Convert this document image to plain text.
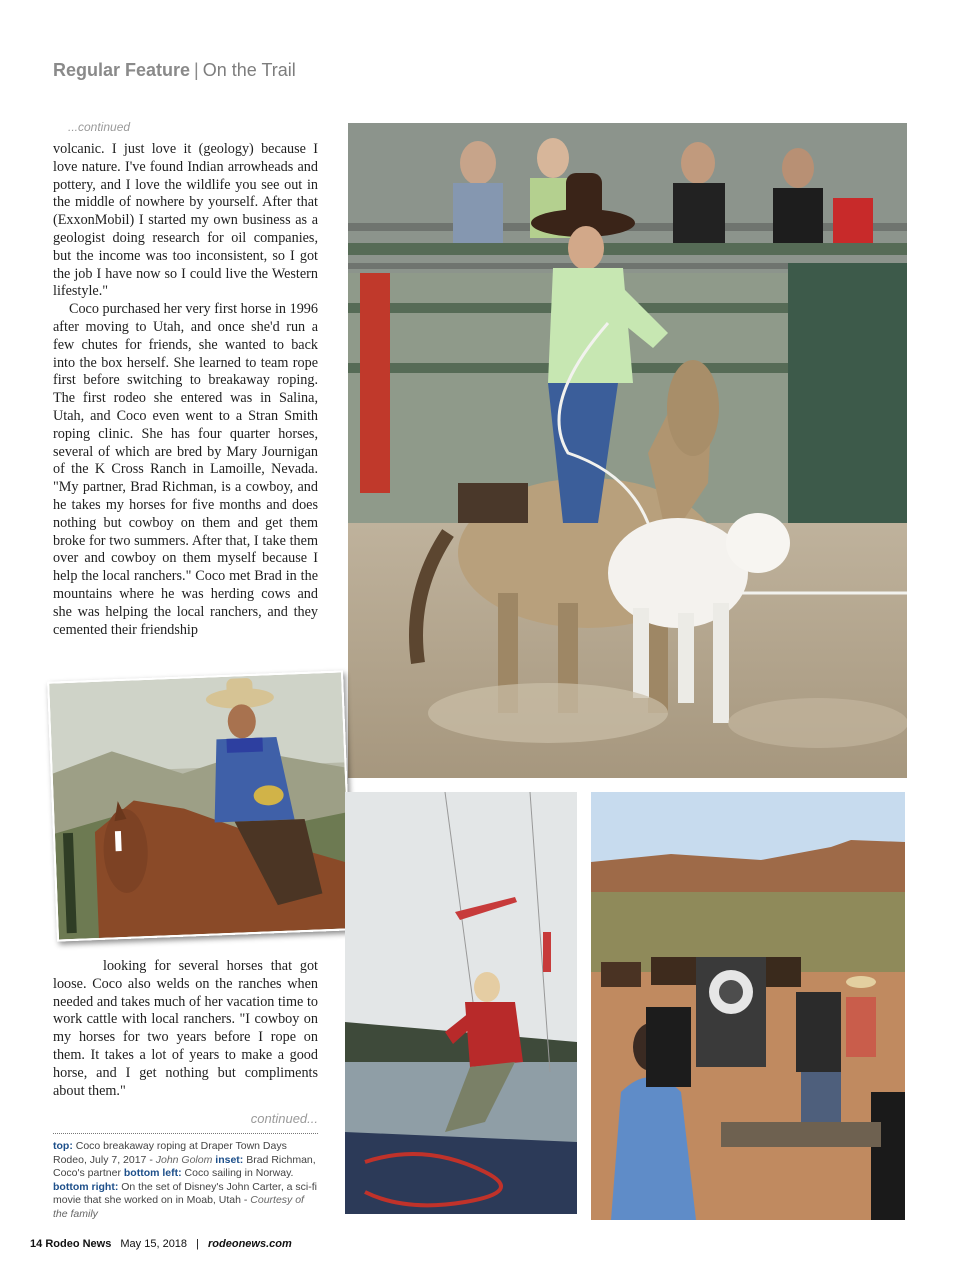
Regular Feature | On the Trail
...continued

volcanic. I just love it (geology) because I love nature. I've found Indian arrowheads and pottery, and I love the wildlife you see out in the middle of nowhere by yourself. After that (ExxonMobil) I started my own business as a geologist doing research for oil companies, but the income was too inconsistent, so I got the job I have now so I could live the Western lifestyle."

Coco purchased her very first horse in 1996 after moving to Utah, and once she'd run a few chutes for friends, she wanted to back into the box herself. She learned to team rope first before switching to breakaway roping. The first rodeo she entered was in Salina, Utah, and Coco even went to a Stran Smith roping clinic. She has four quarter horses, several of which are bred by Mary Journigan of the K Cross Ranch in Lamoille, Nevada. "My partner, Brad Richman, is a cowboy, and he takes my horses for five months and does nothing but cowboy on them and get them broke for two summers. After that, I take them over and cowboy on them myself because I help the local ranchers." Coco met Brad in the mountains where he was herding cows and she was helping the local ranchers, and they cemented their friendship

looking for several horses that got loose. Coco also welds on the ranches when needed and takes much of her vacation time to work cattle with local ranchers. "I cowboy on my horses for two years before I rope on them. It takes a lot of years to make a good horse, and I get nothing but compliments about them."

continued...
top: Coco breakaway roping at Draper Town Days Rodeo, July 7, 2017 - John Golom inset: Brad Richman, Coco's partner bottom left: Coco sailing in Norway. bottom right: On the set of Disney's John Carter, a sci-fi movie that she worked on in Moab, Utah - Courtesy of the family
14 Rodeo News May 15, 2018 | rodeonews.com
